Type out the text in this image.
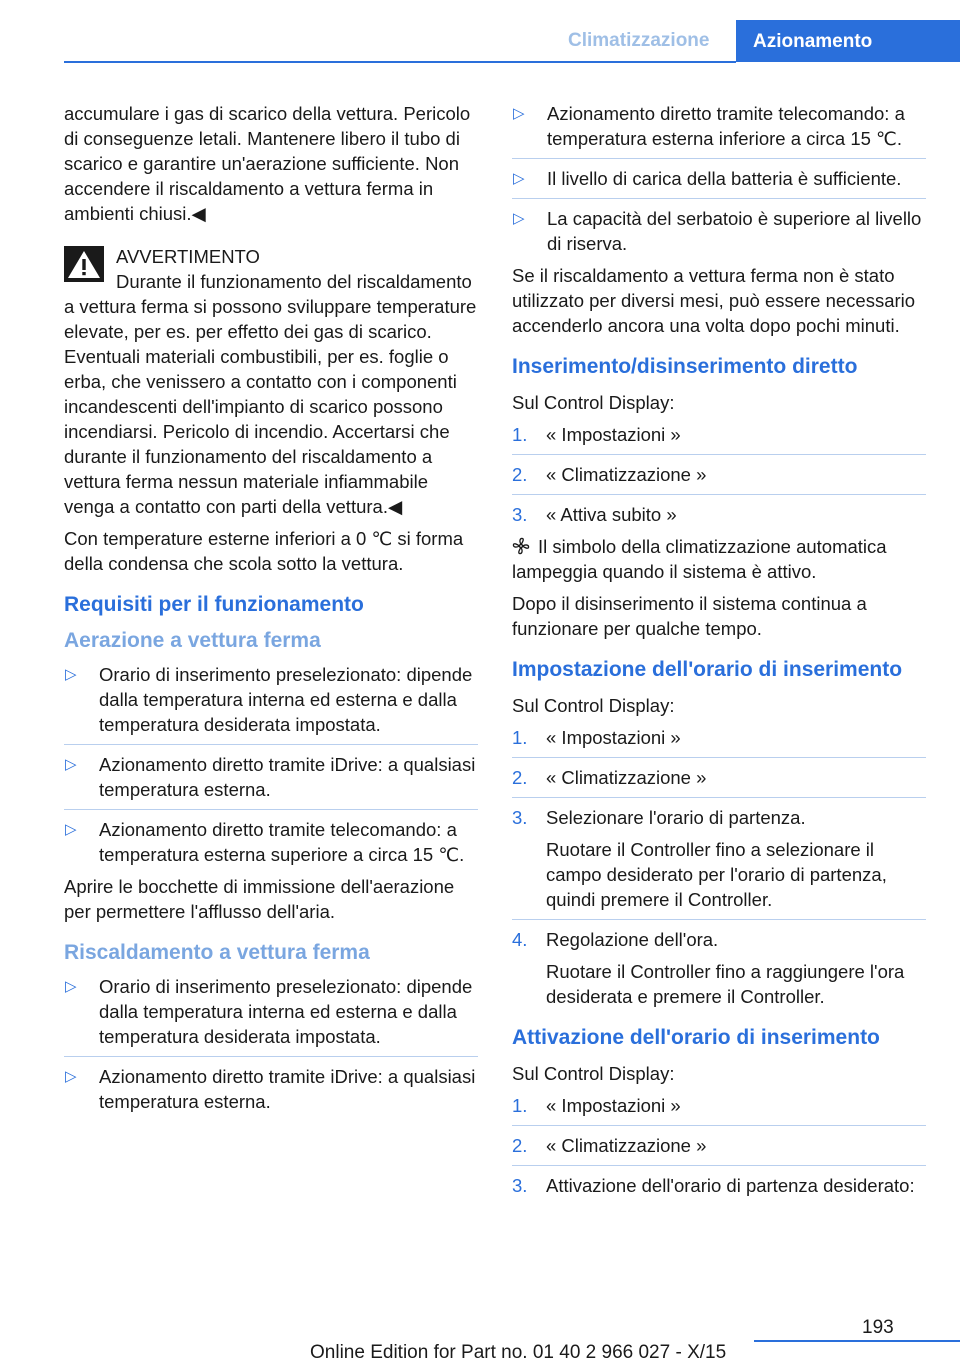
Climatizzazione Azionamento

accumulare i gas di scarico della vettura. Pericolo di conseguenze letali. Mantenere libero il tubo di scarico e garantire un'aerazione sufficiente. Non accendere il riscaldamento a vettura ferma in ambienti chiusi.◀

AVVERTIMENTO

Durante il funzionamento del riscaldamento a vettura ferma si possono sviluppare temperature elevate, per es. per effetto dei gas di scarico. Eventuali materiali combustibili, per es. foglie o erba, che venissero a contatto con i componenti incandescenti dell'impianto di scarico possono incendiarsi. Pericolo di incendio. Accertarsi che durante il funzionamento del riscaldamento a vettura ferma nessun materiale infiammabile venga a contatto con parti della vettura.◀

Con temperature esterne inferiori a 0 ℃ si forma della condensa che scola sotto la vettura.

Requisiti per il funzionamento
Aerazione a vettura ferma
▷ Orario di inserimento preselezionato: dipende dalla temperatura interna ed esterna e dalla temperatura desiderata impostata.
▷ Azionamento diretto tramite iDrive: a qualsiasi temperatura esterna.
▷ Azionamento diretto tramite telecomando: a temperatura esterna superiore a circa 15 ℃.

Aprire le bocchette di immissione dell'aerazione per permettere l'afflusso dell'aria.

Riscaldamento a vettura ferma
▷ Orario di inserimento preselezionato: dipende dalla temperatura interna ed esterna e dalla temperatura desiderata impostata.
▷ Azionamento diretto tramite iDrive: a qualsiasi temperatura esterna.
▷ Azionamento diretto tramite telecomando: a temperatura esterna inferiore a circa 15 ℃.
▷ Il livello di carica della batteria è sufficiente.
▷ La capacità del serbatoio è superiore al livello di riserva.

Se il riscaldamento a vettura ferma non è stato utilizzato per diversi mesi, può essere necessario accenderlo ancora una volta dopo pochi minuti.

Inserimento/disinserimento diretto

Sul Control Display:

1. « Impostazioni »
2. « Climatizzazione »
3. « Attiva subito »

Il simbolo della climatizzazione automatica lampeggia quando il sistema è attivo.

Dopo il disinserimento il sistema continua a funzionare per qualche tempo.

Impostazione dell'orario di inserimento

Sul Control Display:

1. « Impostazioni »
2. « Climatizzazione »
3. Selezionare l'orario di partenza.
Ruotare il Controller fino a selezionare il campo desiderato per l'orario di partenza, quindi premere il Controller.
4. Regolazione dell'ora.
Ruotare il Controller fino a raggiungere l'ora desiderata e premere il Controller.
Attivazione dell'orario di inserimento

Sul Control Display:

1. « Impostazioni »
2. « Climatizzazione »
3. Attivazione dell'orario di partenza desiderato:
193
Online Edition for Part no. 01 40 2 966 027 - X/15
